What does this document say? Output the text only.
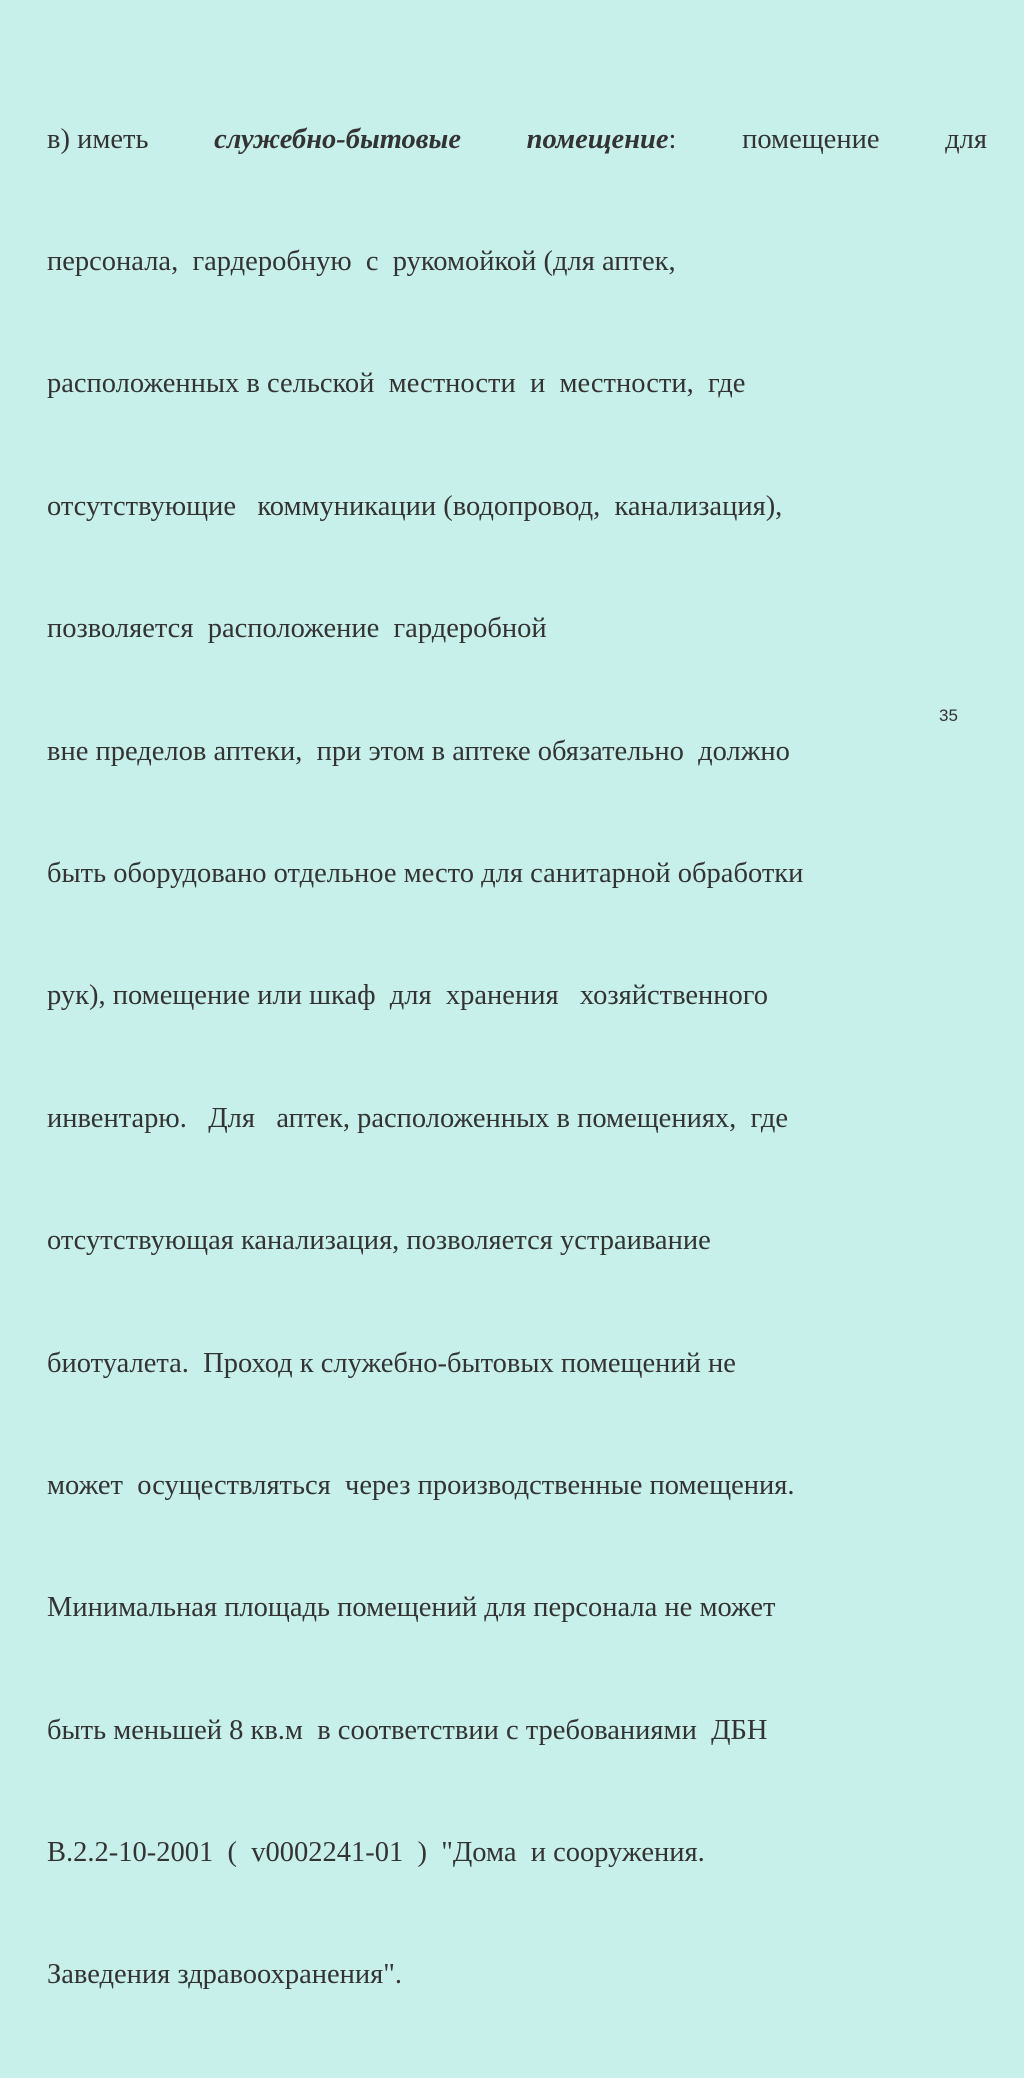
в) иметь служебно-бытовые помещение: помещение для

персонала,  гардеробную  с  рукомойкой (для аптек,

расположенных в сельской  местности  и  местности,  где

отсутствующие   коммуникации (водопровод,  канализация),

позволяется  расположение  гардеробной

вне пределов аптеки,  при этом в аптеке обязательно  должно

быть оборудовано отдельное место для санитарной обработки

рук), помещение или шкаф  для  хранения   хозяйственного

инвентарю.   Для   аптек, расположенных в помещениях,  где

отсутствующая канализация, позволяется устраивание

биотуалета.  Проход к служебно-бытовых помещений не

может  осуществляться  через производственные помещения.

Минимальная площадь помещений для персонала не может

быть меньшей 8 кв.м  в соответствии с требованиями  ДБН

В.2.2-10-2001  (  v0002241-01  )  "Дома  и сооружения.

Заведения здравоохранения".

35
